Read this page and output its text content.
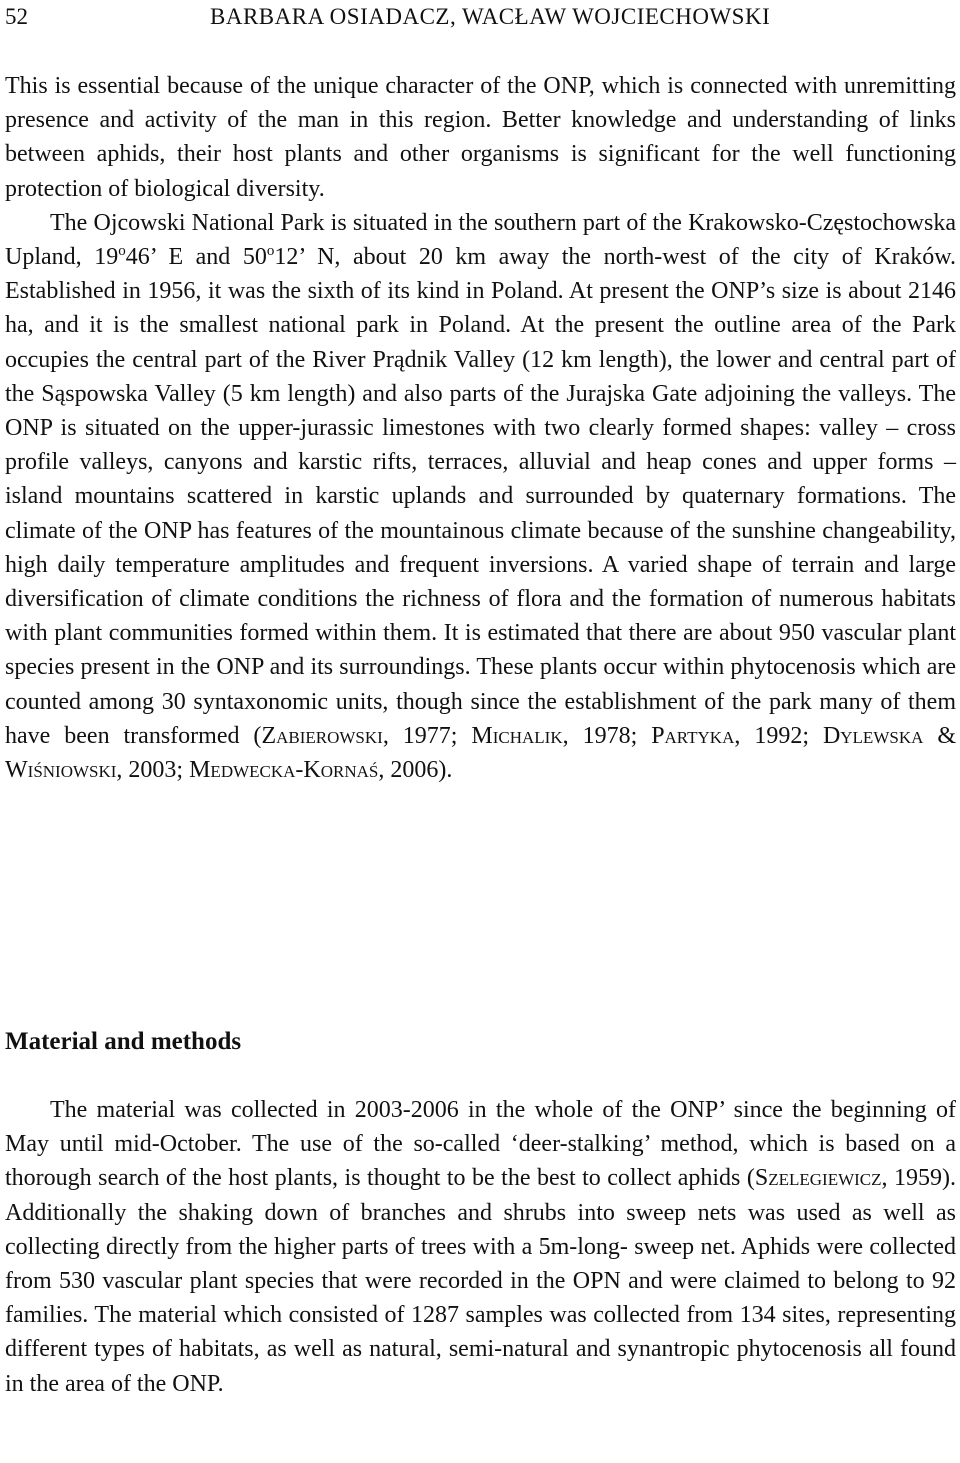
52	BARBARA OSIADACZ, WACŁAW WOJCIECHOWSKI

This is essential because of the unique character of the ONP, which is connected with unremitting presence and activity of the man in this region. Better knowledge and understanding of links between aphids, their host plants and other organisms is significant for the well functioning protection of biological diversity.

The Ojcowski National Park is situated in the southern part of the Krakowsko-Częstochowska Upland, 19$^o$46’ E and 50$^o$12’ N, about 20 km away the north-west of the city of Kraków. Established in 1956, it was the sixth of its kind in Poland. At present the ONP’s size is about 2146 ha, and it is the smallest national park in Poland. At the present the outline area of the Park occupies the central part of the River Prądnik Valley (12 km length), the lower and central part of the Sąspowska Valley (5 km length) and also parts of the Jurajska Gate adjoining the valleys. The ONP is situated on the upper-jurassic limestones with two clearly formed shapes: valley – cross profile valleys, canyons and karstic rifts, terraces, alluvial and heap cones and upper forms – island mountains scattered in karstic uplands and surrounded by quaternary formations. The climate of the ONP has features of the mountainous climate because of the sunshine changeability, high daily temperature amplitudes and frequent inversions. A varied shape of terrain and large diversification of climate conditions the richness of flora and the formation of numerous habitats with plant communities formed within them. It is estimated that there are about 950 vascular plant species present in the ONP and its surroundings. These plants occur within phytocenosis which are counted among 30 syntaxonomic units, though since the establishment of the park many of them have been transformed (Zabierowski, 1977; Michalik, 1978; Partyka, 1992; Dylewska & Wiśniowski, 2003; Medwecka-Kornaś, 2006).

Material and methods

The material was collected in 2003-2006 in the whole of the ONP’ since the beginning of May until mid-October. The use of the so-called ‘deer-stalking’ method, which is based on a thorough search of the host plants, is thought to be the best to collect aphids (Szelegiewicz, 1959). Additionally the shaking down of branches and shrubs into sweep nets was used as well as collecting directly from the higher parts of trees with a 5m-long- sweep net. Aphids were collected from 530 vascular plant species that were recorded in the OPN and were claimed to belong to 92 families. The material which consisted of 1287 samples was collected from 134 sites, representing different types of habitats, as well as natural, semi-natural and synantropic phytocenosis all found in the area of the ONP.
